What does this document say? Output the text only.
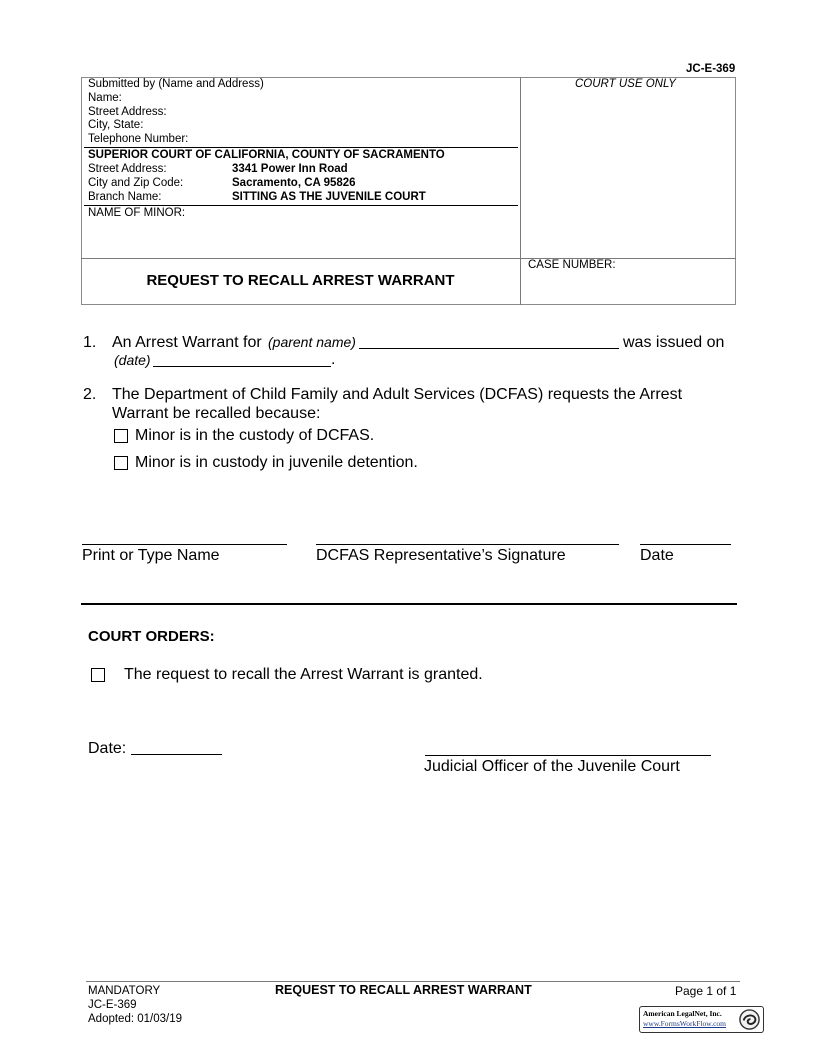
JC-E-369
Submitted by (Name and Address)
Name:
Street Address:
City, State:
Telephone Number:
SUPERIOR COURT OF CALIFORNIA, COUNTY OF SACRAMENTO
Street Address:	3341 Power Inn Road
City and Zip Code:	Sacramento, CA 95826
Branch Name:	SITTING AS THE JUVENILE COURT
NAME OF MINOR:
COURT USE ONLY
CASE NUMBER:
REQUEST TO RECALL ARREST WARRANT
1. An Arrest Warrant for (parent name)	was issued on
(date)	.
2. The Department of Child Family and Adult Services (DCFAS) requests the Arrest
Warrant be recalled because:
Minor is in the custody of DCFAS.
Minor is in custody in juvenile detention.
Print or Type Name	DCFAS Representative’s Signature	Date
COURT ORDERS:
The request to recall the Arrest Warrant is granted.
Date:
Judicial Officer of the Juvenile Court
MANDATORY
JC-E-369
Adopted: 01/03/19
REQUEST TO RECALL ARREST WARRANT	Page 1 of 1
American LegalNet, Inc.
www.FormsWorkFlow.com
